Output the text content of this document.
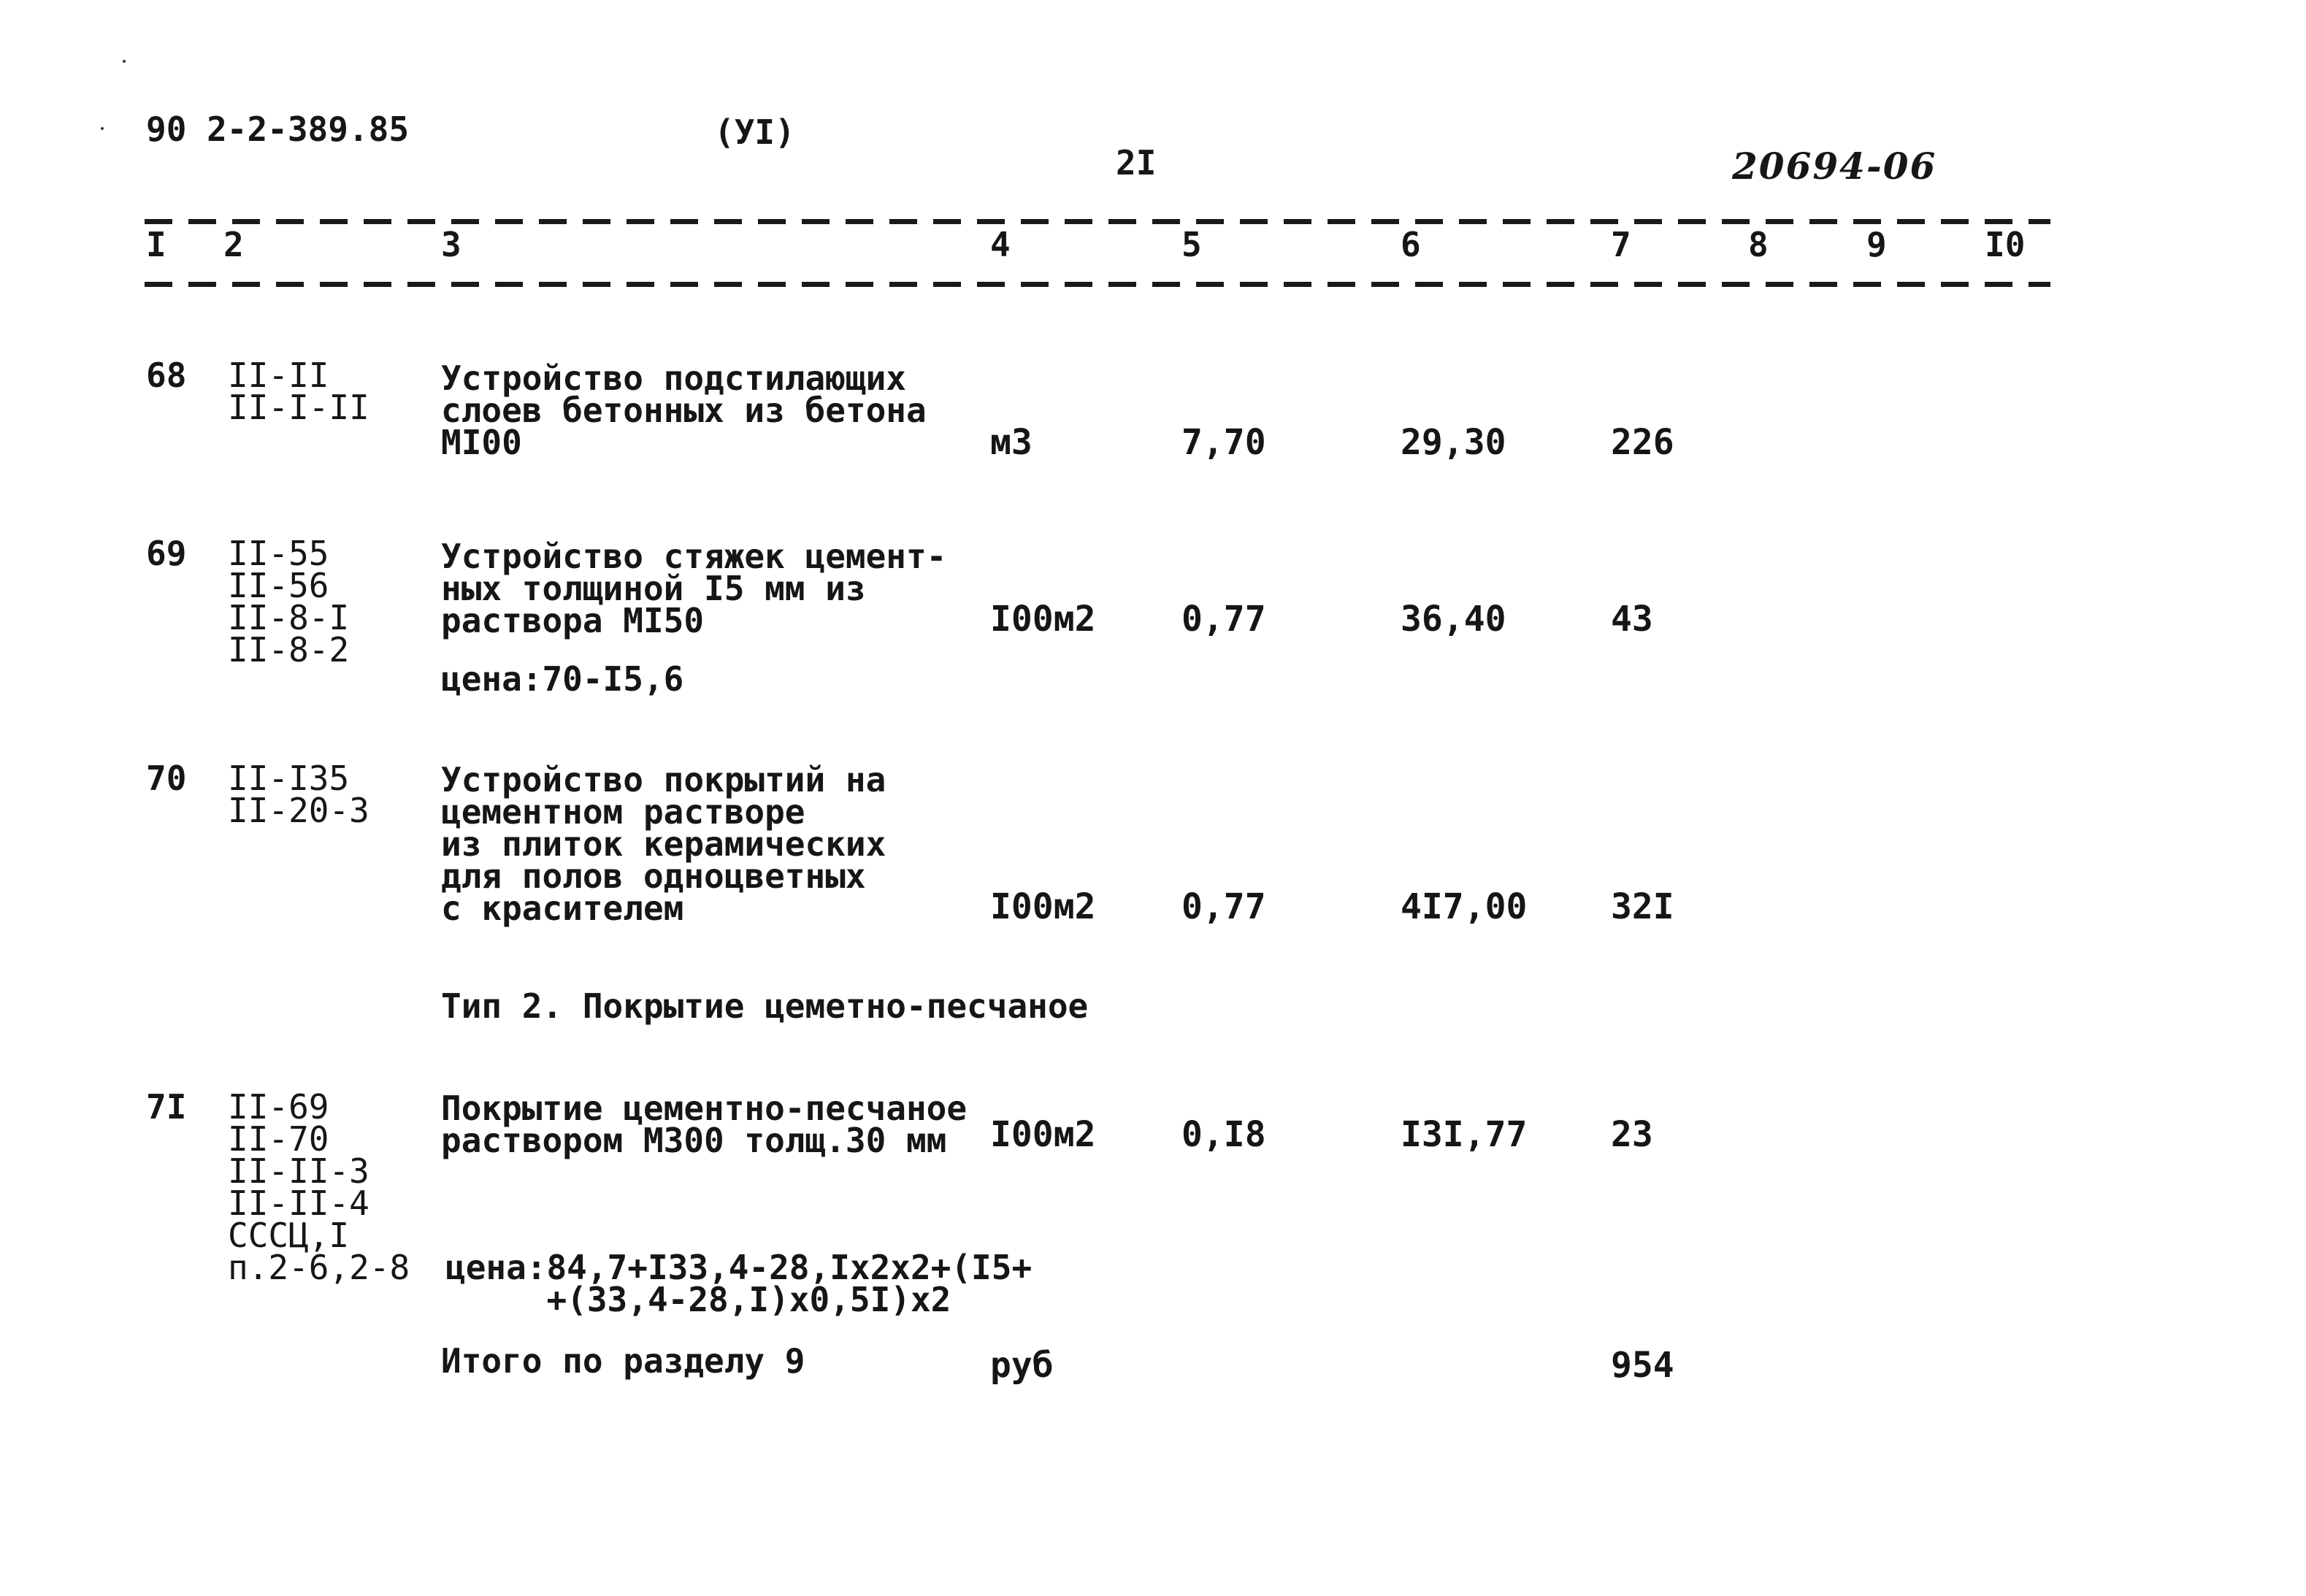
90 2-2-389.85	(УI)
2I	20694-06
I 2	3	4	5	6	7	8	9	I0
68 II-II
II-I-II
Устройство подстилающих
слоев бетонных из бетона
МI00	м3	7,70	29,30	226
69 II-55
II-56
II-8-I
II-8-2
Устройство стяжек цемент-
ных толщиной I5 мм из
раствора МI50	I00м2 0,77	36,40	43
цена:70-I5,6
70 II-I35
II-20-3
Устройство покрытий на
цементном растворе
из плиток керамических
для полов одноцветных
с красителем	I00м2 0,77	4I7,00 32I
Тип 2. Покрытие цеметно-песчаное
7I II-69
II-70
II-II-3
II-II-4
СССЦ,I
п.2-6,2-8
Покрытие цементно-песчаное
раствором М300 толщ.30 мм	I00м2 0,I8	I3I,77 23
цена:84,7+I33,4-28,Iх2х2+(I5+
+(33,4-28,I)х0,5I)х2
Итого по разделу 9	руб	954
